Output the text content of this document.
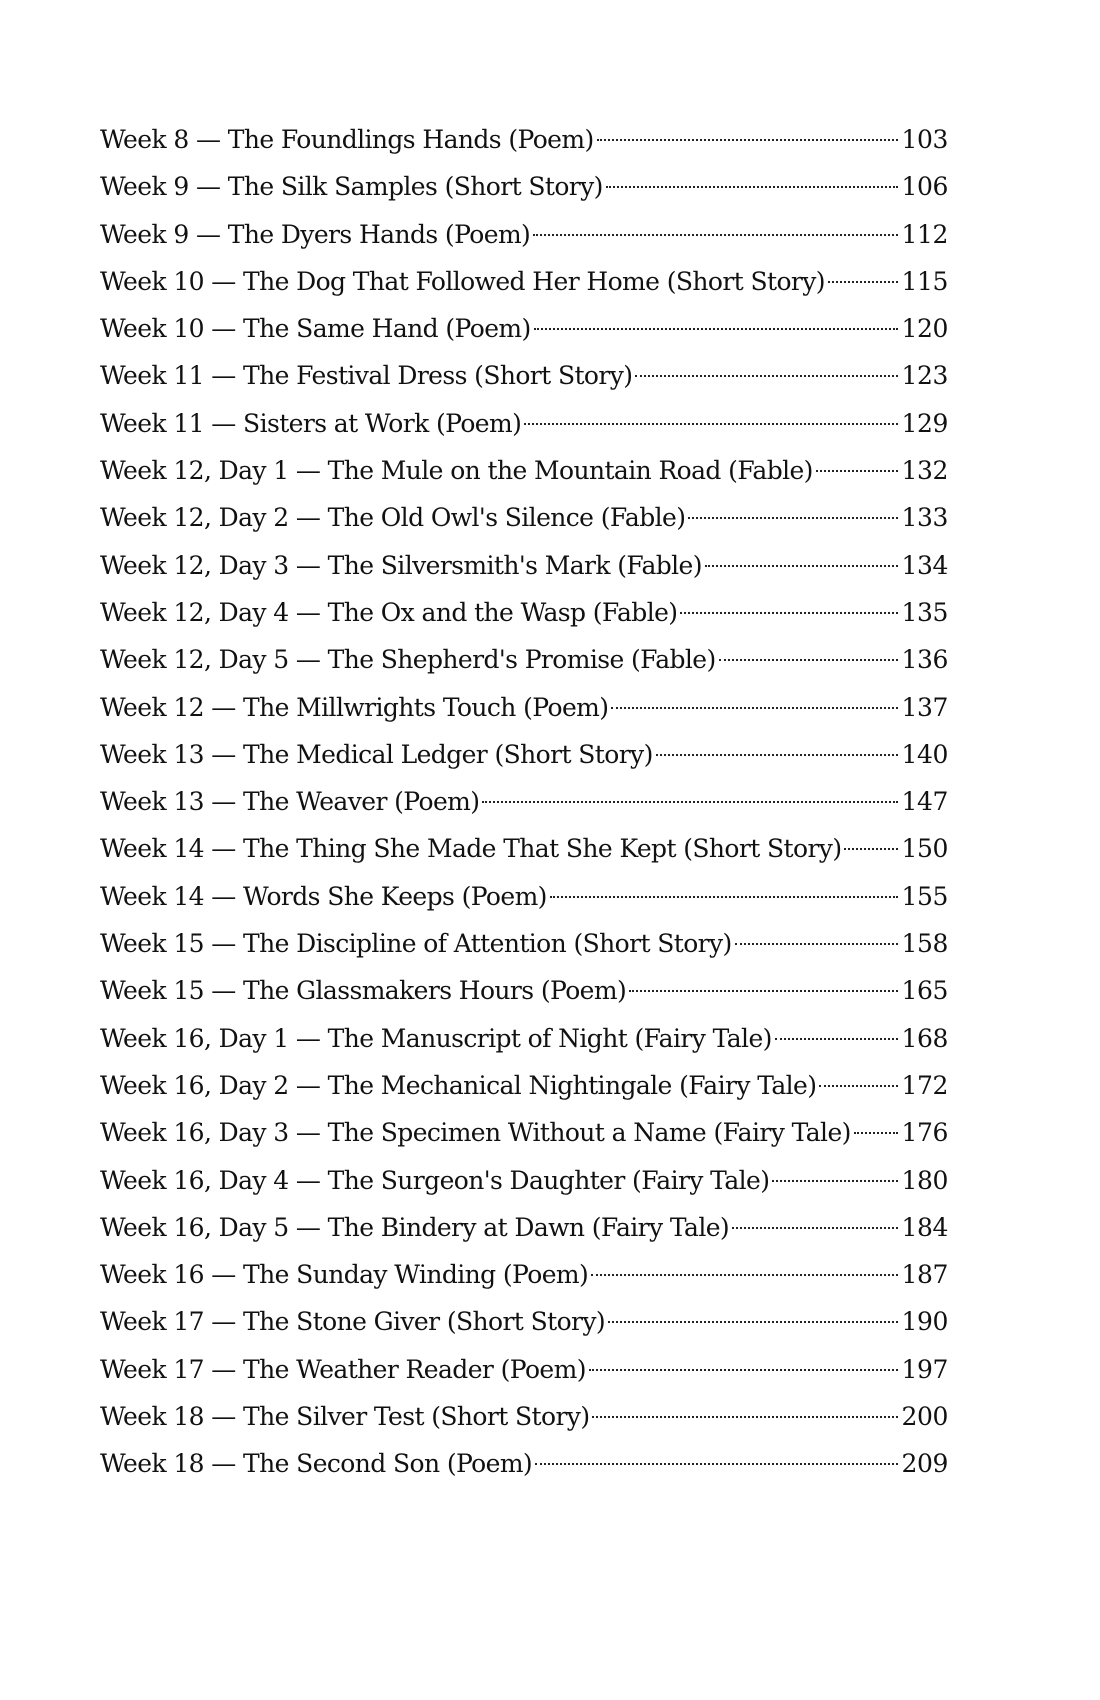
Week 8 — The Foundlings Hands (Poem)	103
Week 9 — The Silk Samples (Short Story)	106
Week 9 — The Dyers Hands (Poem)	112
Week 10 — The Dog That Followed Her Home (Short Story)	115
Week 10 — The Same Hand (Poem)	120
Week 11 — The Festival Dress (Short Story)	123
Week 11 — Sisters at Work (Poem)	129
Week 12, Day 1 — The Mule on the Mountain Road (Fable)	132
Week 12, Day 2 — The Old Owl's Silence (Fable)	133
Week 12, Day 3 — The Silversmith's Mark (Fable)	134
Week 12, Day 4 — The Ox and the Wasp (Fable)	135
Week 12, Day 5 — The Shepherd's Promise (Fable)	136
Week 12 — The Millwrights Touch (Poem)	137
Week 13 — The Medical Ledger (Short Story)	140
Week 13 — The Weaver (Poem)	147
Week 14 — The Thing She Made That She Kept (Short Story) 150
Week 14 — Words She Keeps (Poem)	155
Week 15 — The Discipline of Attention (Short Story)	158
Week 15 — The Glassmakers Hours (Poem)	165
Week 16, Day 1 — The Manuscript of Night (Fairy Tale)	168
Week 16, Day 2 — The Mechanical Nightingale (Fairy Tale)	172
Week 16, Day 3 — The Specimen Without a Name (Fairy Tale) 176
Week 16, Day 4 — The Surgeon's Daughter (Fairy Tale)	180
Week 16, Day 5 — The Bindery at Dawn (Fairy Tale)	184
Week 16 — The Sunday Winding (Poem)	187
Week 17 — The Stone Giver (Short Story)	190
Week 17 — The Weather Reader (Poem)	197
Week 18 — The Silver Test (Short Story)	200
Week 18 — The Second Son (Poem)	209
